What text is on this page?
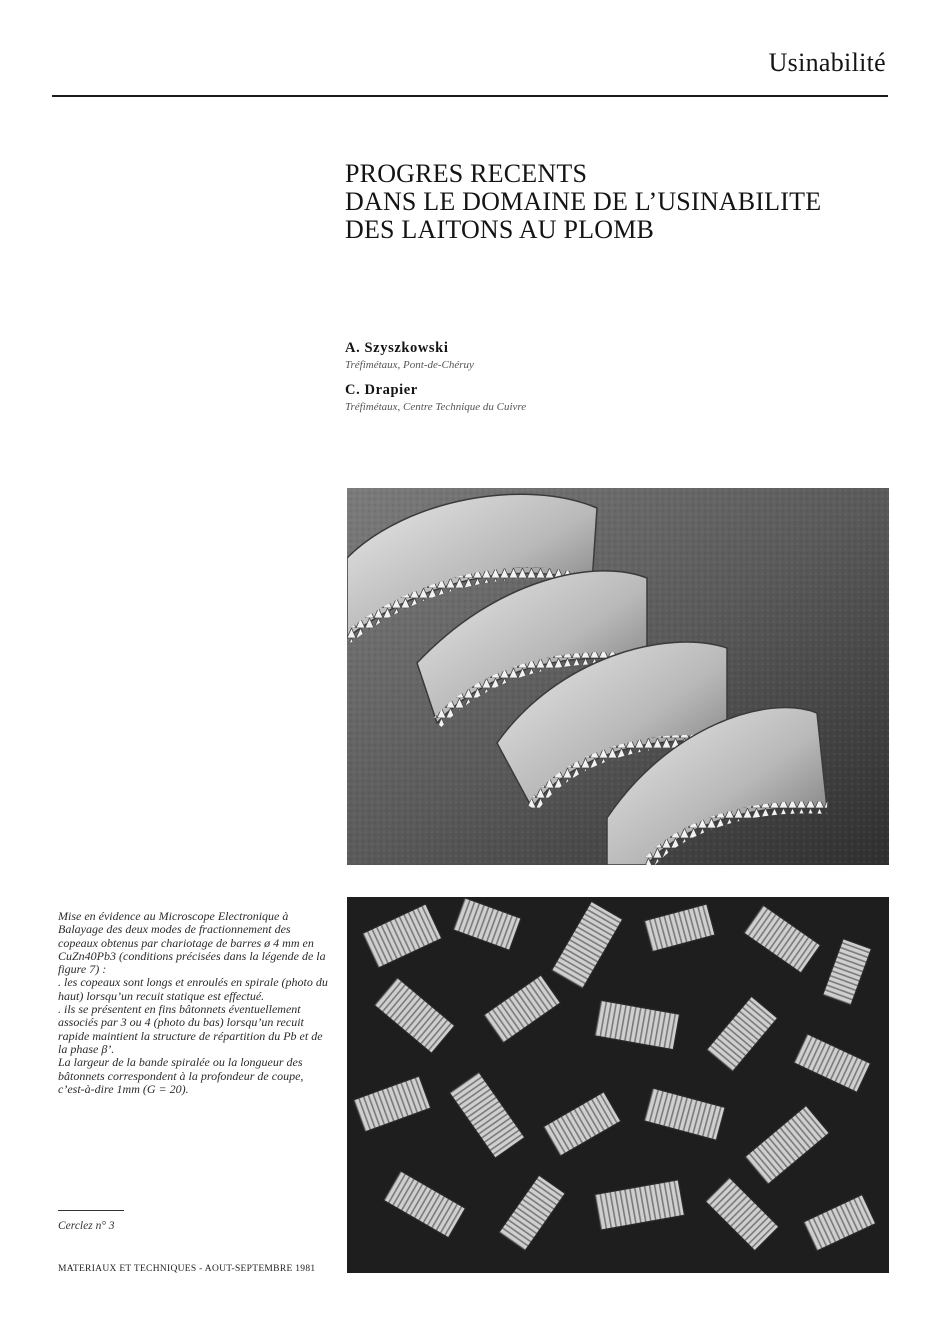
Usinabilité
PROGRES RECENTS
DANS LE DOMAINE DE L’USINABILITE
DES LAITONS AU PLOMB
A. Szyszkowski
Tréfimétaux, Pont-de-Chéruy
C. Drapier
Tréfimétaux, Centre Technique du Cuivre

Mise en évidence au Microscope Electronique à Balayage des deux modes de fractionnement des copeaux obtenus par chariotage de barres ø 4 mm en CuZn40Pb3 (conditions précisées dans la légende de la figure 7) :

. les copeaux sont longs et enroulés en spirale (photo du haut) lorsqu’un recuit statique est effectué.

. ils se présentent en fins bâtonnets éventuellement associés par 3 ou 4 (photo du bas) lorsqu’un recuit rapide maintient la structure de répartition du Pb et de la phase β’.

La largeur de la bande spiralée ou la longueur des bâtonnets correspondent à la profondeur de coupe, c’est-à-dire 1mm (G = 20).

Cerclez n° 3
MATERIAUX ET TECHNIQUES - AOUT-SEPTEMBRE 1981
